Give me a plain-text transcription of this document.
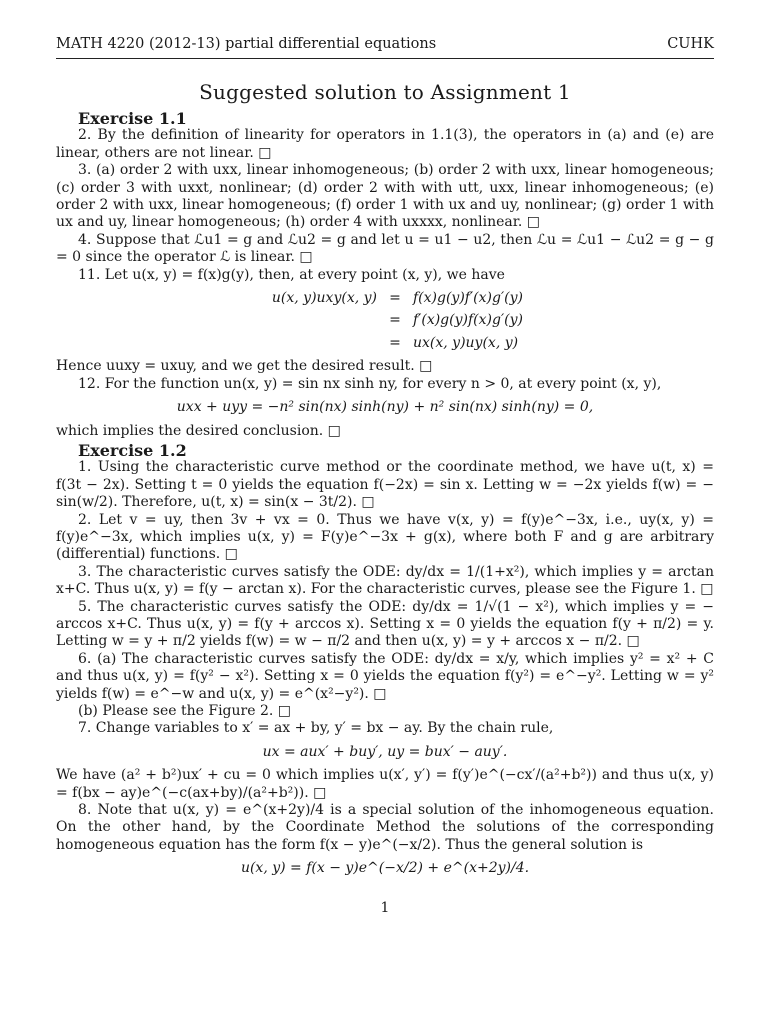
MATH 4220 (2012-13) partial differential equations	CUHK
Suggested solution to Assignment 1
Exercise 1.1

2. By the definition of linearity for operators in 1.1(3), the operators in (a) and (e) are linear, others are not linear. □

3. (a) order 2 with uxx, linear inhomogeneous; (b) order 2 with uxx, linear homogeneous; (c) order 3 with uxxt, nonlinear; (d) order 2 with with utt, uxx, linear inhomogeneous; (e) order 2 with uxx, linear homogeneous; (f) order 1 with ux and uy, nonlinear; (g) order 1 with ux and uy, linear homogeneous; (h) order 4 with uxxxx, nonlinear. □

4. Suppose that ℒu1 = g and ℒu2 = g and let u = u1 − u2, then ℒu = ℒu1 − ℒu2 = g − g = 0 since the operator ℒ is linear. □

11. Let u(x, y) = f(x)g(y), then, at every point (x, y), we have

u(x, y)uxy(x, y) = f(x)g(y)f′(x)g′(y)
= f′(x)g(y)f(x)g′(y)
= ux(x, y)uy(x, y)

Hence uuxy = uxuy, and we get the desired result. □

12. For the function un(x, y) = sin nx sinh ny, for every n > 0, at every point (x, y),

uxx + uyy = −n² sin(nx) sinh(ny) + n² sin(nx) sinh(ny) = 0,

which implies the desired conclusion. □

Exercise 1.2

1. Using the characteristic curve method or the coordinate method, we have u(t, x) = f(3t − 2x). Setting t = 0 yields the equation f(−2x) = sin x. Letting w = −2x yields f(w) = − sin(w/2). Therefore, u(t, x) = sin(x − 3t/2). □

2. Let v = uy, then 3v + vx = 0. Thus we have v(x, y) = f(y)e^−3x, i.e., uy(x, y) = f(y)e^−3x, which implies u(x, y) = F(y)e^−3x + g(x), where both F and g are arbitrary (differential) functions. □

3. The characteristic curves satisfy the ODE: dy/dx = 1/(1+x²), which implies y = arctan x+C. Thus u(x, y) = f(y − arctan x). For the characteristic curves, please see the Figure 1. □

5. The characteristic curves satisfy the ODE: dy/dx = 1/√(1 − x²), which implies y = − arccos x+C. Thus u(x, y) = f(y + arccos x). Setting x = 0 yields the equation f(y + π/2) = y. Letting w = y + π/2 yields f(w) = w − π/2 and then u(x, y) = y + arccos x − π/2. □

6. (a) The characteristic curves satisfy the ODE: dy/dx = x/y, which implies y² = x² + C and thus u(x, y) = f(y² − x²). Setting x = 0 yields the equation f(y²) = e^−y². Letting w = y² yields f(w) = e^−w and u(x, y) = e^(x²−y²). □

(b) Please see the Figure 2. □

7. Change variables to x′ = ax + by, y′ = bx − ay. By the chain rule,

ux = aux′ + buy′, uy = bux′ − auy′.

We have (a² + b²)ux′ + cu = 0 which implies u(x′, y′) = f(y′)e^(−cx′/(a²+b²)) and thus u(x, y) = f(bx − ay)e^(−c(ax+by)/(a²+b²)). □

8. Note that u(x, y) = e^(x+2y)/4 is a special solution of the inhomogeneous equation. On the other hand, by the Coordinate Method the solutions of the corresponding homogeneous equation has the form f(x − y)e^(−x/2). Thus the general solution is

u(x, y) = f(x − y)e^(−x/2) + e^(x+2y)/4.
1
